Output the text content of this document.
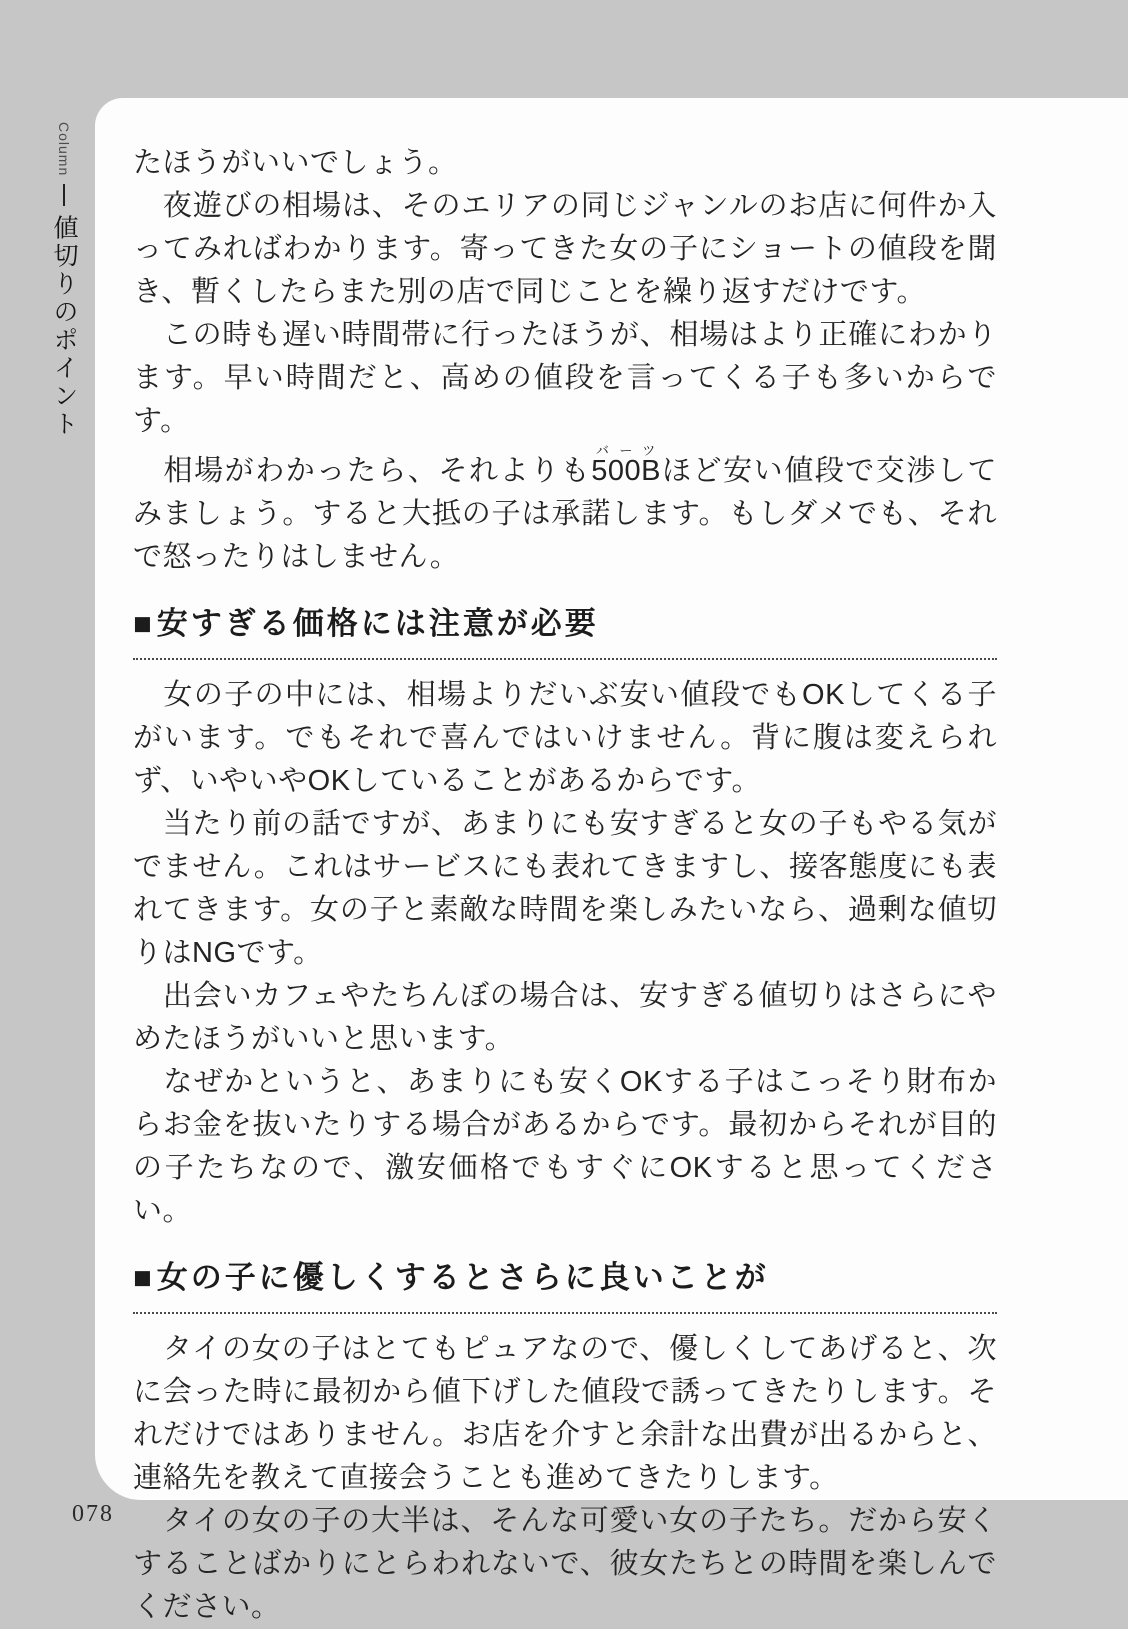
Column値切りのポイント

たほうがいいでしょう。

　夜遊びの相場は、そのエリアの同じジャンルのお店に何件か入ってみればわかります。寄ってきた女の子にショートの値段を聞き、暫くしたらまた別の店で同じことを繰り返すだけです。

　この時も遅い時間帯に行ったほうが、相場はより正確にわかります。早い時間だと、高めの値段を言ってくる子も多いからです。

　相場がわかったら、それよりも500Bバーツほど安い値段で交渉してみましょう。すると大抵の子は承諾します。もしダメでも、それで怒ったりはしません。

■安すぎる価格には注意が必要

　女の子の中には、相場よりだいぶ安い値段でもOKしてくる子がいます。でもそれで喜んではいけません。背に腹は変えられず、いやいやOKしていることがあるからです。

　当たり前の話ですが、あまりにも安すぎると女の子もやる気がでません。これはサービスにも表れてきますし、接客態度にも表れてきます。女の子と素敵な時間を楽しみたいなら、過剰な値切りはNGです。

　出会いカフェやたちんぼの場合は、安すぎる値切りはさらにやめたほうがいいと思います。

　なぜかというと、あまりにも安くOKする子はこっそり財布からお金を抜いたりする場合があるからです。最初からそれが目的の子たちなので、激安価格でもすぐにOKすると思ってください。

■女の子に優しくするとさらに良いことが

　タイの女の子はとてもピュアなので、優しくしてあげると、次に会った時に最初から値下げした値段で誘ってきたりします。それだけではありません。お店を介すと余計な出費が出るからと、連絡先を教えて直接会うことも進めてきたりします。

　タイの女の子の大半は、そんな可愛い女の子たち。だから安くすることばかりにとらわれないで、彼女たちとの時間を楽しんでください。

078
